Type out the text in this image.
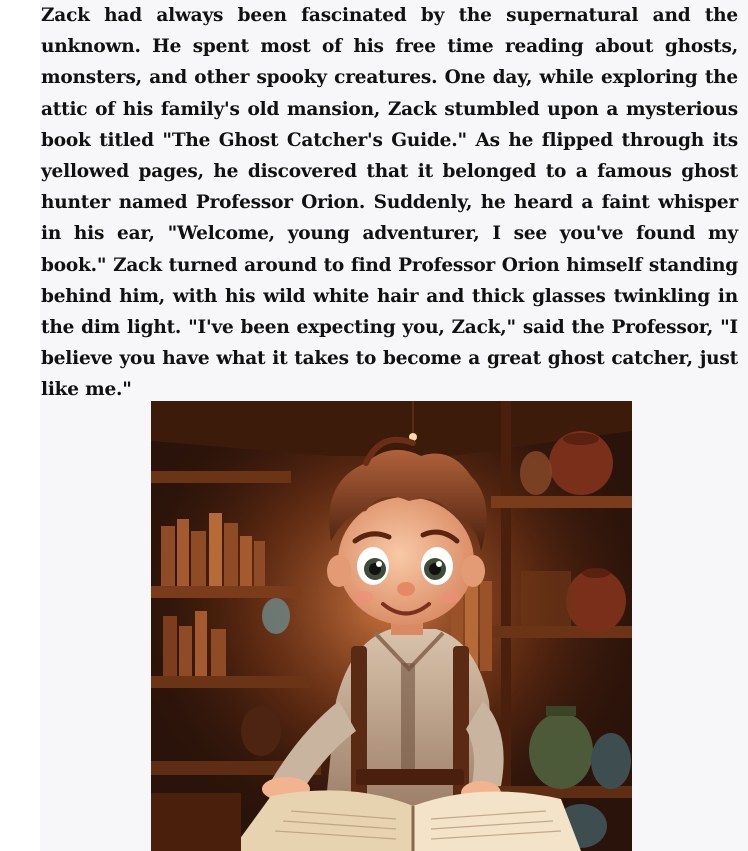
Zack had always been fascinated by the supernatural and the unknown. He spent most of his free time reading about ghosts, monsters, and other spooky creatures. One day, while exploring the attic of his family's old mansion, Zack stumbled upon a mysterious book titled "The Ghost Catcher's Guide." As he flipped through its yellowed pages, he discovered that it belonged to a famous ghost hunter named Professor Orion. Suddenly, he heard a faint whisper in his ear, "Welcome, young adventurer, I see you've found my book." Zack turned around to find Professor Orion himself standing behind him, with his wild white hair and thick glasses twinkling in the dim light. "I've been expecting you, Zack," said the Professor, "I believe you have what it takes to become a great ghost catcher, just like me."
